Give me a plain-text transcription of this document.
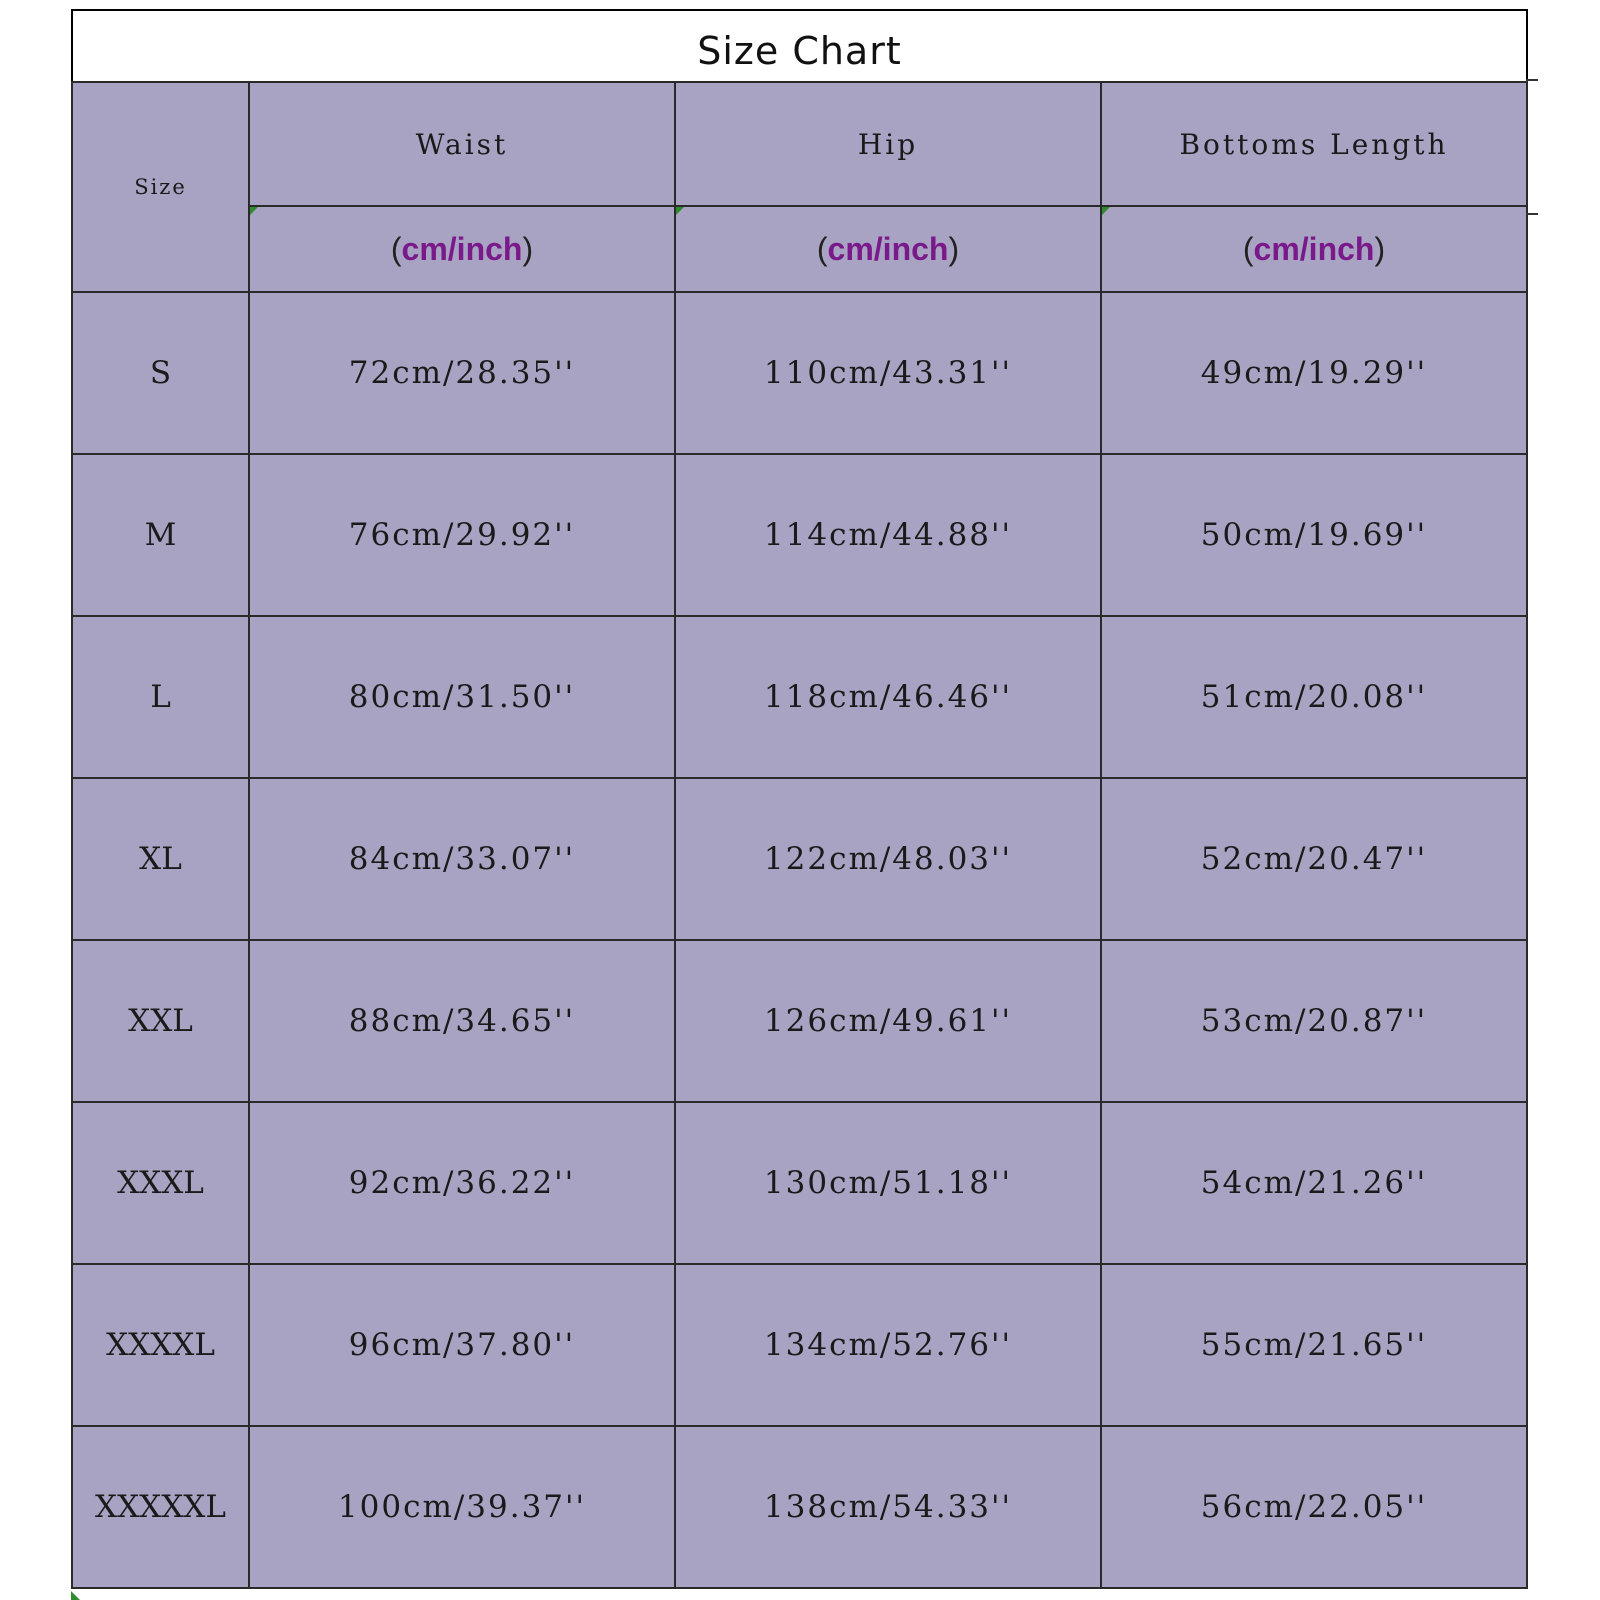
Size Chart
Size	Waist	Hip	Bottoms Length

(cm/inch)	(cm/inch)	(cm/inch)
S	72cm/28.35''	110cm/43.31''	49cm/19.29''
M	76cm/29.92''	114cm/44.88''	50cm/19.69''
L	80cm/31.50''	118cm/46.46''	51cm/20.08''
XL	84cm/33.07''	122cm/48.03''	52cm/20.47''
XXL	88cm/34.65''	126cm/49.61''	53cm/20.87''
XXXL	92cm/36.22''	130cm/51.18''	54cm/21.26''
XXXXL	96cm/37.80''	134cm/52.76''	55cm/21.65''
XXXXXL	100cm/39.37''	138cm/54.33''	56cm/22.05''
